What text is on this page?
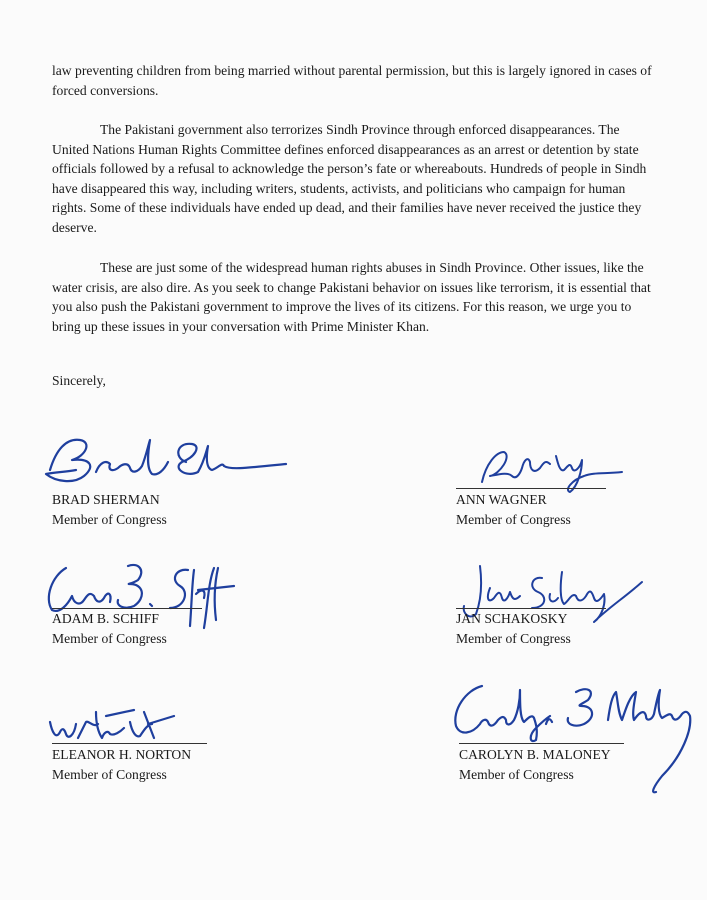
law preventing children from being married without parental permission, but this is largely ignored in cases of forced conversions.

The Pakistani government also terrorizes Sindh Province through enforced disappearances. The United Nations Human Rights Committee defines enforced disappearances as an arrest or detention by state officials followed by a refusal to acknowledge the person’s fate or whereabouts. Hundreds of people in Sindh have disappeared this way, including writers, students, activists, and politicians who campaign for human rights. Some of these individuals have ended up dead, and their families have never received the justice they deserve.

These are just some of the widespread human rights abuses in Sindh Province. Other issues, like the water crisis, are also dire. As you seek to change Pakistani behavior on issues like terrorism, it is essential that you also push the Pakistani government to improve the lives of its citizens. For this reason, we urge you to bring up these issues in your conversation with Prime Minister Khan.

Sincerely,

BRAD SHERMAN
Member of Congress
ANN WAGNER
Member of Congress
ADAM B. SCHIFF
Member of Congress
JAN SCHAKOSKY
Member of Congress
ELEANOR H. NORTON
Member of Congress
CAROLYN B. MALONEY
Member of Congress
